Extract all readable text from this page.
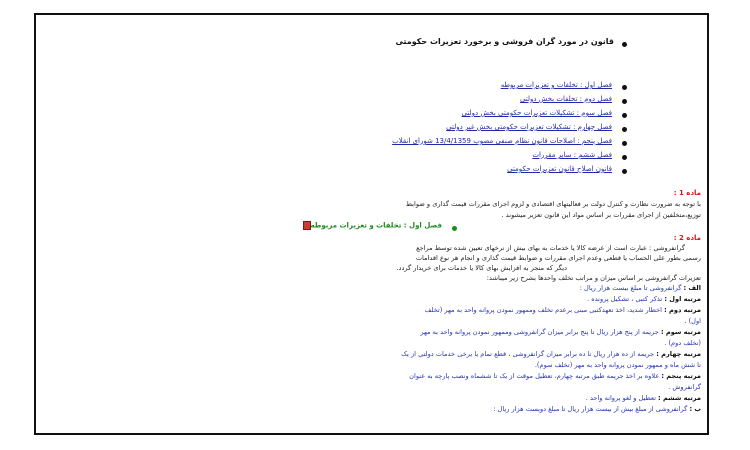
قانون در مورد گران فروشی و برخورد تعزیرات حکومتی
فصل اول : تخلفات و تعزیرات مربوطه
فصل دوم : تخلفات بخش دولتی
فصل سوم : تشکیلات تعزیرات حکومتی بخش دولتی
فصل چهارم : تشکیلات تعزیرات حکومتی بخش غیر دولتی
فصل پنجم : اصلاحات قانون نظام صنفی مصوب 13/4/1359 شورای انقلاب
فصل ششم : سایر مقررات
قانون اصلاح قانون تعزیرات حکومتی
ماده 1 :
با توجه به ضرورت نظارت و کنترل دولت بر فعالیتهای اقتصادی و لزوم اجرای مقررات قیمت گذاری و ضوابط
توزیع،متخلفین از اجرای مقررات بر اساس مواد این قانون تعزیر میشوند .
فصل اول : تخلفات و تعزیرات مربوطه
ماده 2 :
گرانفروشی : عبارت است از عرضه کالا یا خدمات به بهای بیش از نرخهای تعیین شده توسط مراجع
رسمی بطور علی الحساب یا قطعی وعدم اجرای مقررات و ضوابط قیمت گذاری و انجام هر نوع اقدامات
دیگر که منجر به افزایش بهای کالا یا خدمات برای خریدار گردد.
تعزیرات گرانفروشی بر اساس میزان و مراتب تخلف واحدها بشرح زیر میباشد:
الف : گرانفروشی تا مبلغ بیست هزار ریال :
مرتبه اول : تذکر کتبی ، تشکیل پرونده .
مرتبه دوم : اخطار شدید، اخذ تعهدکتبی مبنی برعدم تخلف وممهور نمودن پروانه واحد به مهر (تخلف
اول) .
مرتبه سوم : جریمه از پنج هزار ریال تا پنج برابر میزان گرانفروشی وممهور نمودن پروانه واحد به مهر
(تخلف دوم) .
مرتبه چهارم : جریمه از ده هزار ریال تا ده برابر میزان گرانفروشی ، قطع تمام یا برخی خدمات دولتی از یک
تا شش ماه و ممهور نمودن پروانه واحد به مهر (تخلف سوم).
مرتبه پنجم : علاوه بر اخذ جریمه طبق مرتبه چهارم، تعطیل موقت از یک تا ششماه ونصب پارچه به عنوان
گرانفروش .
مرتبه ششم : تعطیل و لغو پروانه واحد .
ب : گرانفروشی از مبلغ بیش از بیست هزار ریال تا مبلغ دویست هزار ریال :
